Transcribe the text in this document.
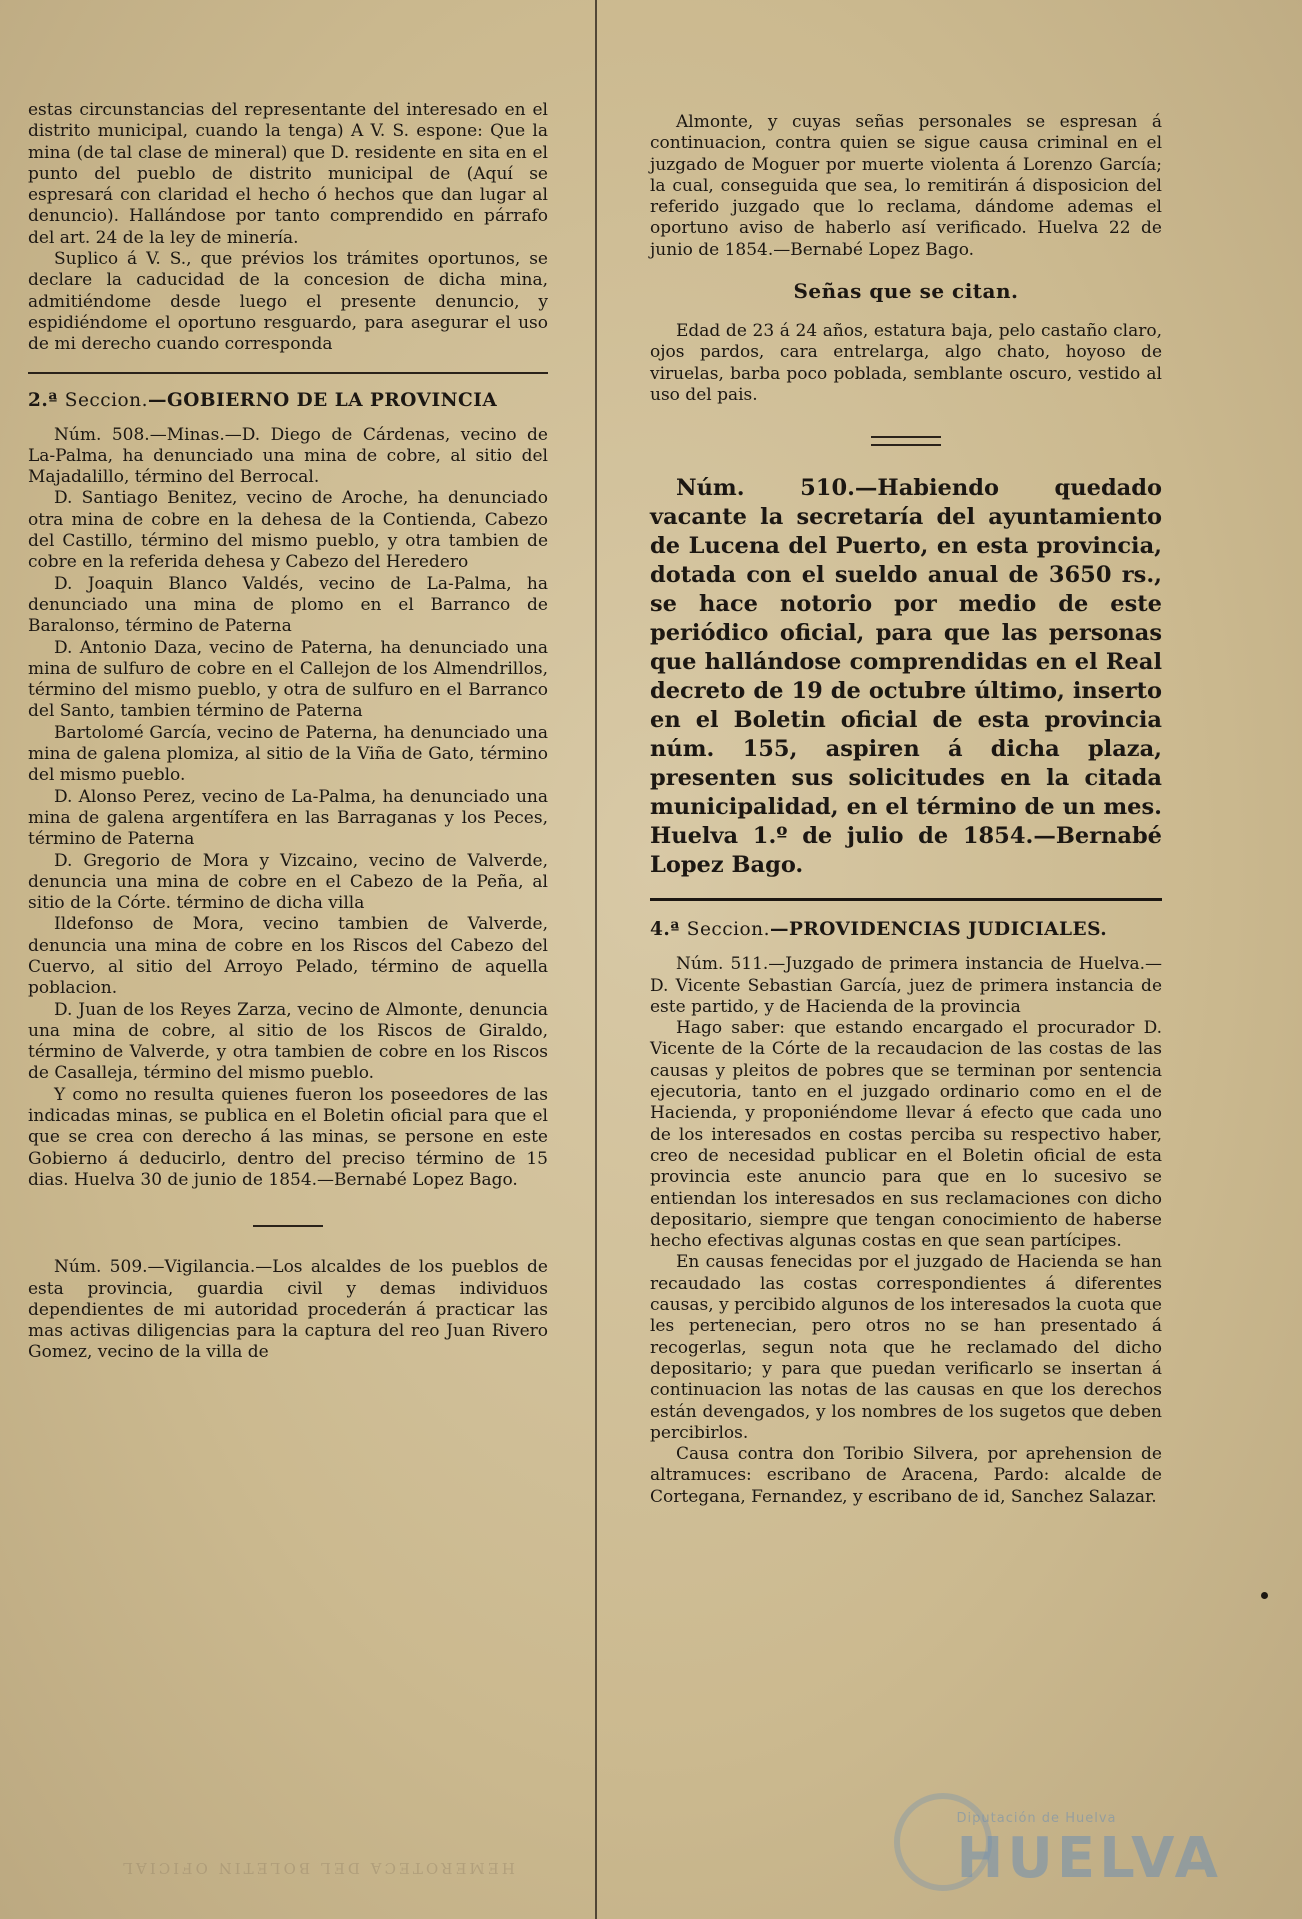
estas circunstancias del representante del interesado en el distrito municipal, cuando la tenga) A V. S. espone: Que la mina (de tal clase de mineral) que D. residente en sita en el punto del pueblo de distrito municipal de (Aquí se espresará con claridad el hecho ó hechos que dan lugar al denuncio). Hallándose por tanto comprendido en párrafo del art. 24 de la ley de minería.

Suplico á V. S., que prévios los trámites oportunos, se declare la caducidad de la concesion de dicha mina, admitiéndome desde luego el presente denuncio, y espidiéndome el oportuno resguardo, para asegurar el uso de mi derecho cuando corresponda

2.ª Seccion.—GOBIERNO DE LA PROVINCIA

Núm. 508.—Minas.—D. Diego de Cárdenas, vecino de La-Palma, ha denunciado una mina de cobre, al sitio del Majadalillo, término del Berrocal.

D. Santiago Benitez, vecino de Aroche, ha denunciado otra mina de cobre en la dehesa de la Contienda, Cabezo del Castillo, término del mismo pueblo, y otra tambien de cobre en la referida dehesa y Cabezo del Heredero

D. Joaquin Blanco Valdés, vecino de La-Palma, ha denunciado una mina de plomo en el Barranco de Baralonso, término de Paterna

D. Antonio Daza, vecino de Paterna, ha denunciado una mina de sulfuro de cobre en el Callejon de los Almendrillos, término del mismo pueblo, y otra de sulfuro en el Barranco del Santo, tambien término de Paterna

Bartolomé García, vecino de Paterna, ha denunciado una mina de galena plomiza, al sitio de la Viña de Gato, término del mismo pueblo.

D. Alonso Perez, vecino de La-Palma, ha denunciado una mina de galena argentífera en las Barraganas y los Peces, término de Paterna

D. Gregorio de Mora y Vizcaino, vecino de Valverde, denuncia una mina de cobre en el Cabezo de la Peña, al sitio de la Córte. término de dicha villa

Ildefonso de Mora, vecino tambien de Valverde, denuncia una mina de cobre en los Riscos del Cabezo del Cuervo, al sitio del Arroyo Pelado, término de aquella poblacion.

D. Juan de los Reyes Zarza, vecino de Almonte, denuncia una mina de cobre, al sitio de los Riscos de Giraldo, término de Valverde, y otra tambien de cobre en los Riscos de Casalleja, término del mismo pueblo.

Y como no resulta quienes fueron los poseedores de las indicadas minas, se publica en el Boletin oficial para que el que se crea con derecho á las minas, se persone en este Gobierno á deducirlo, dentro del preciso término de 15 dias. Huelva 30 de junio de 1854.—Bernabé Lopez Bago.

Núm. 509.—Vigilancia.—Los alcaldes de los pueblos de esta provincia, guardia civil y demas individuos dependientes de mi autoridad procederán á practicar las mas activas diligencias para la captura del reo Juan Rivero Gomez, vecino de la villa de

Almonte, y cuyas señas personales se espresan á continuacion, contra quien se sigue causa criminal en el juzgado de Moguer por muerte violenta á Lorenzo García; la cual, conseguida que sea, lo remitirán á disposicion del referido juzgado que lo reclama, dándome ademas el oportuno aviso de haberlo así verificado. Huelva 22 de junio de 1854.—Bernabé Lopez Bago.

Señas que se citan.

Edad de 23 á 24 años, estatura baja, pelo castaño claro, ojos pardos, cara entrelarga, algo chato, hoyoso de viruelas, barba poco poblada, semblante oscuro, vestido al uso del pais.

Núm. 510.—Habiendo quedado vacante la secretaría del ayuntamiento de Lucena del Puerto, en esta provincia, dotada con el sueldo anual de 3650 rs., se hace notorio por medio de este periódico oficial, para que las personas que hallándose comprendidas en el Real decreto de 19 de octubre último, inserto en el Boletin oficial de esta provincia núm. 155, aspiren á dicha plaza, presenten sus solicitudes en la citada municipalidad, en el término de un mes. Huelva 1.º de julio de 1854.—Bernabé Lopez Bago.

4.ª Seccion.—PROVIDENCIAS JUDICIALES.

Núm. 511.—Juzgado de primera instancia de Huelva.—D. Vicente Sebastian García, juez de primera instancia de este partido, y de Hacienda de la provincia

Hago saber: que estando encargado el procurador D. Vicente de la Córte de la recaudacion de las costas de las causas y pleitos de pobres que se terminan por sentencia ejecutoria, tanto en el juzgado ordinario como en el de Hacienda, y proponiéndome llevar á efecto que cada uno de los interesados en costas perciba su respectivo haber, creo de necesidad publicar en el Boletin oficial de esta provincia este anuncio para que en lo sucesivo se entiendan los interesados en sus reclamaciones con dicho depositario, siempre que tengan conocimiento de haberse hecho efectivas algunas costas en que sean partícipes.

En causas fenecidas por el juzgado de Hacienda se han recaudado las costas correspondientes á diferentes causas, y percibido algunos de los interesados la cuota que les pertenecian, pero otros no se han presentado á recogerlas, segun nota que he reclamado del dicho depositario; y para que puedan verificarlo se insertan á continuacion las notas de las causas en que los derechos están devengados, y los nombres de los sugetos que deben percibirlos.

Causa contra don Toribio Silvera, por aprehension de altramuces: escribano de Aracena, Pardo: alcalde de Cortegana, Fernandez, y escribano de id, Sanchez Salazar.

Diputación de Huelva
HUELVA
HEMEROTECA DEL BOLETIN OFICIAL
